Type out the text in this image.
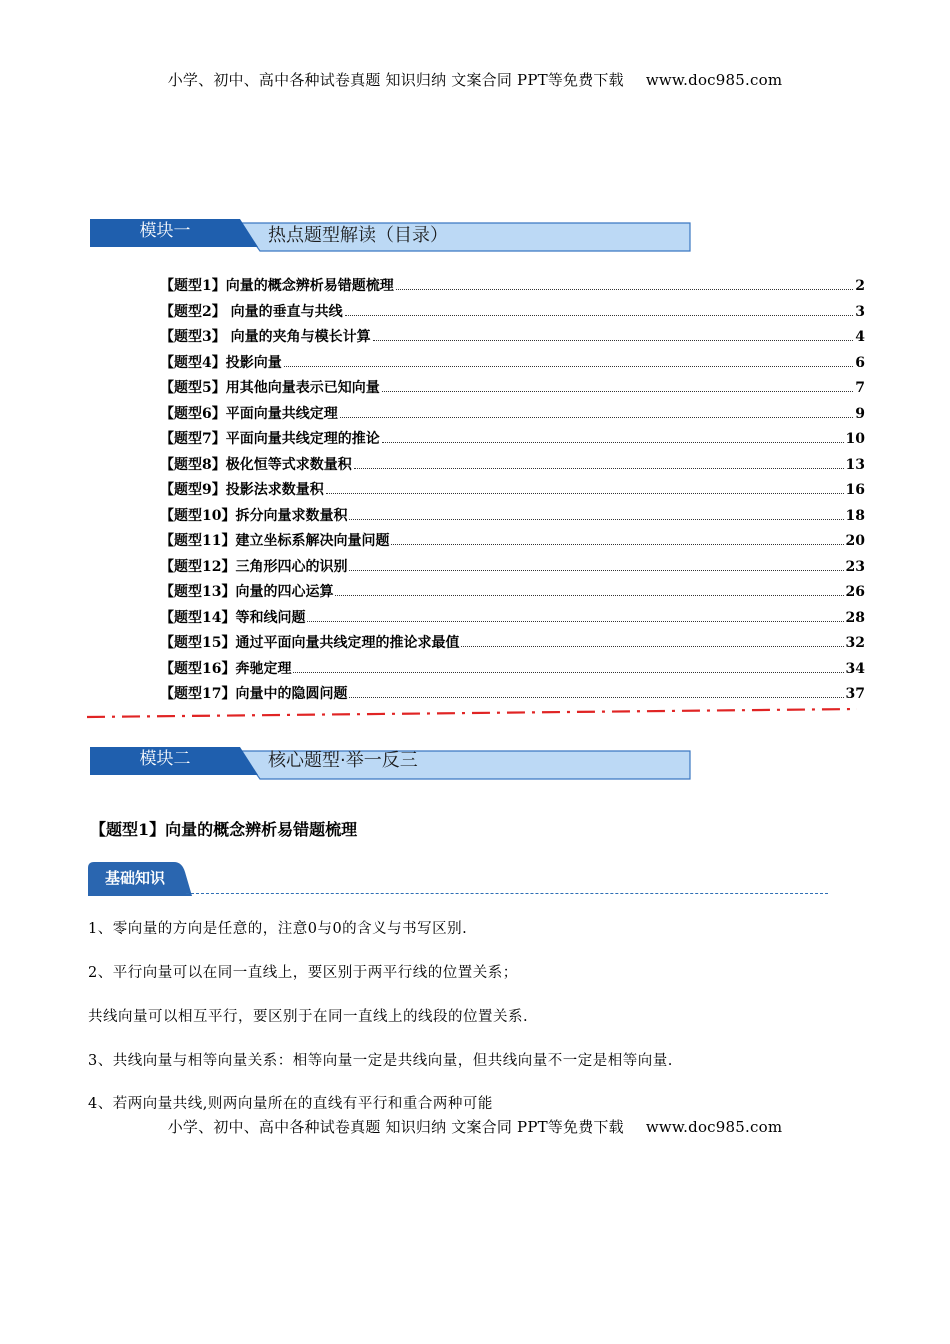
小学、初中、高中各种试卷真题 知识归纳 文案合同 PPT等免费下载 www.doc985.com
模块一	热点题型解读（目录）
【题型1】向量的概念辨析易错题梳理	2
【题型2】 向量的垂直与共线	3
【题型3】 向量的夹角与模长计算	4
【题型4】投影向量	6
【题型5】用其他向量表示已知向量	7
【题型6】平面向量共线定理	9
【题型7】平面向量共线定理的推论	10
【题型8】极化恒等式求数量积	13
【题型9】投影法求数量积	16
【题型10】拆分向量求数量积	18
【题型11】建立坐标系解决向量问题	20
【题型12】三角形四心的识别	23
【题型13】向量的四心运算	26
【题型14】等和线问题	28
【题型15】通过平面向量共线定理的推论求最值	32
【题型16】奔驰定理	34
【题型17】向量中的隐圆问题	37
模块二	核心题型·举一反三
【题型1】向量的概念辨析易错题梳理
基础知识
1、零向量的方向是任意的，注意0与0的含义与书写区别.
2、平行向量可以在同一直线上，要区别于两平行线的位置关系；
共线向量可以相互平行，要区别于在同一直线上的线段的位置关系.
3、共线向量与相等向量关系：相等向量一定是共线向量，但共线向量不一定是相等向量.
4、若两向量共线,则两向量所在的直线有平行和重合两种可能
小学、初中、高中各种试卷真题 知识归纳 文案合同 PPT等免费下载 www.doc985.com
